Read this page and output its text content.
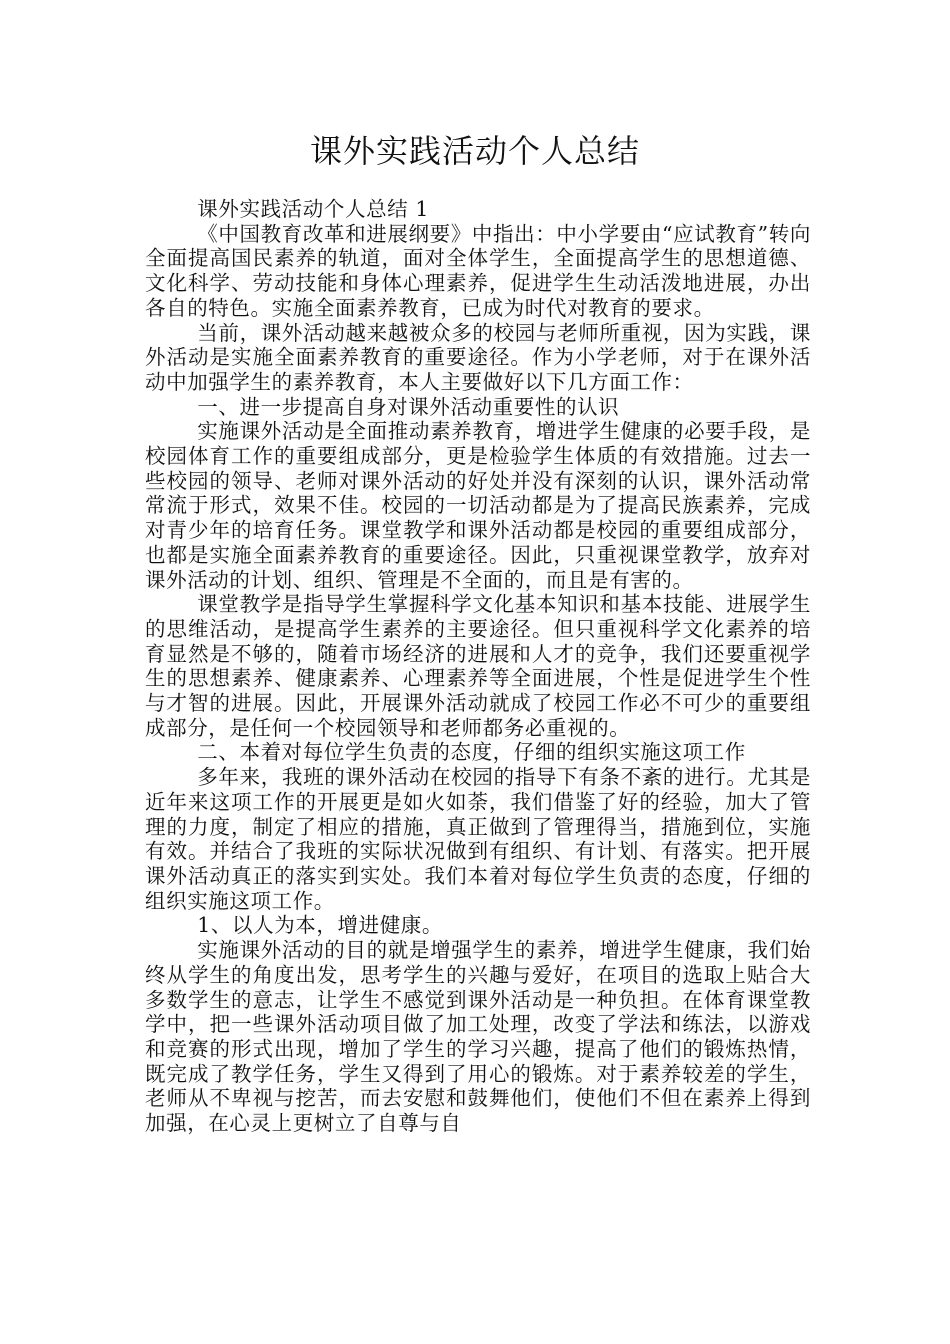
课外实践活动个人总结

课外实践活动个人总结 1

《中国教育改革和进展纲要》中指出：中小学要由“应试教育”转向全面提高国民素养的轨道，面对全体学生，全面提高学生的思想道德、文化科学、劳动技能和身体心理素养，促进学生生动活泼地进展，办出各自的特色。实施全面素养教育，已成为时代对教育的要求。

当前，课外活动越来越被众多的校园与老师所重视，因为实践，课外活动是实施全面素养教育的重要途径。作为小学老师，对于在课外活动中加强学生的素养教育，本人主要做好以下几方面工作：

一、进一步提高自身对课外活动重要性的认识

实施课外活动是全面推动素养教育，增进学生健康的必要手段，是校园体育工作的重要组成部分，更是检验学生体质的有效措施。过去一些校园的领导、老师对课外活动的好处并没有深刻的认识，课外活动常常流于形式，效果不佳。校园的一切活动都是为了提高民族素养，完成对青少年的培育任务。课堂教学和课外活动都是校园的重要组成部分，也都是实施全面素养教育的重要途径。因此，只重视课堂教学，放弃对课外活动的计划、组织、管理是不全面的，而且是有害的。

课堂教学是指导学生掌握科学文化基本知识和基本技能、进展学生的思维活动，是提高学生素养的主要途径。但只重视科学文化素养的培育显然是不够的，随着市场经济的进展和人才的竞争，我们还要重视学生的思想素养、健康素养、心理素养等全面进展，个性是促进学生个性与才智的进展。因此，开展课外活动就成了校园工作必不可少的重要组成部分，是任何一个校园领导和老师都务必重视的。

二、本着对每位学生负责的态度，仔细的组织实施这项工作

多年来，我班的课外活动在校园的指导下有条不紊的进行。尤其是近年来这项工作的开展更是如火如荼，我们借鉴了好的经验，加大了管理的力度，制定了相应的措施，真正做到了管理得当，措施到位，实施有效。并结合了我班的实际状况做到有组织、有计划、有落实。把开展课外活动真正的落实到实处。我们本着对每位学生负责的态度，仔细的组织实施这项工作。

1、以人为本，增进健康。

实施课外活动的目的就是增强学生的素养，增进学生健康，我们始终从学生的角度出发，思考学生的兴趣与爱好，在项目的选取上贴合大多数学生的意志，让学生不感觉到课外活动是一种负担。在体育课堂教学中，把一些课外活动项目做了加工处理，改变了学法和练法，以游戏和竞赛的形式出现，增加了学生的学习兴趣，提高了他们的锻炼热情，既完成了教学任务，学生又得到了用心的锻炼。对于素养较差的学生，老师从不卑视与挖苦，而去安慰和鼓舞他们，使他们不但在素养上得到加强，在心灵上更树立了自尊与自
